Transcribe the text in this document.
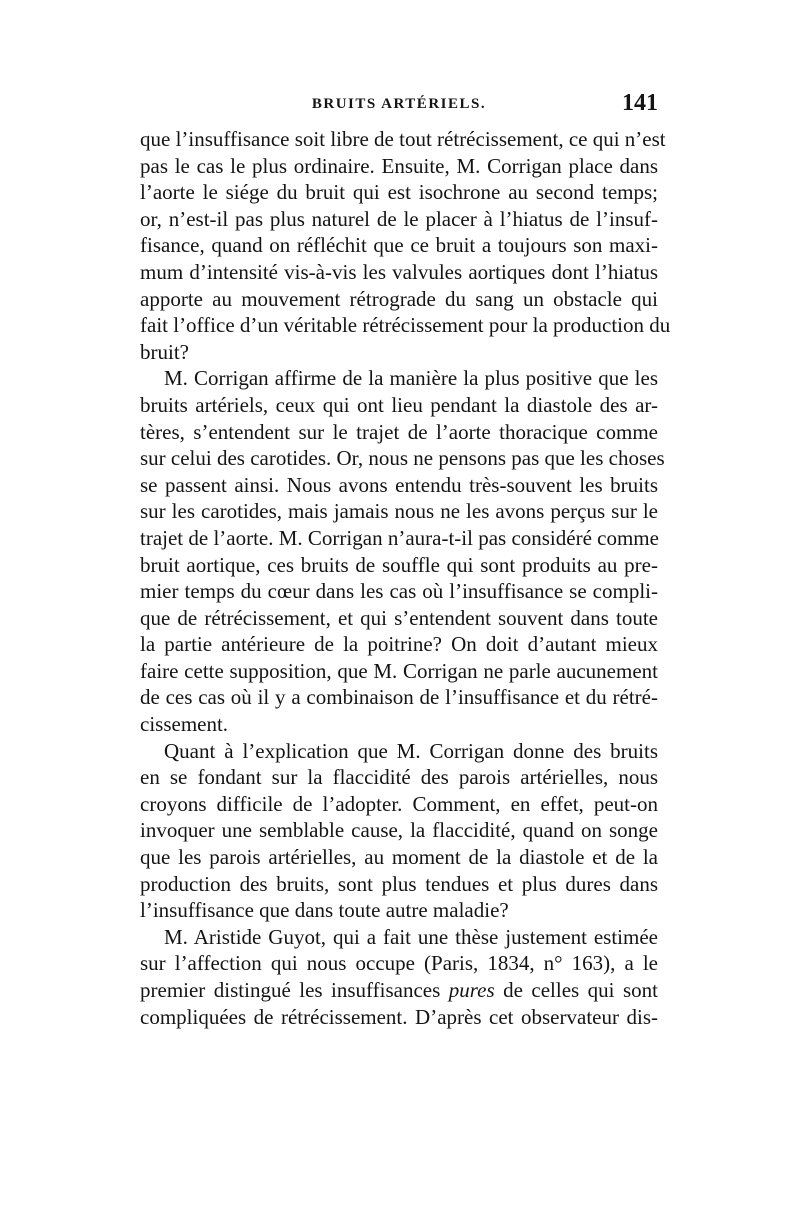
BRUITS ARTÉRIELS.	141
que l’insuffisance soit libre de tout rétrécissement, ce qui n’est
pas le cas le plus ordinaire. Ensuite, M. Corrigan place dans
l’aorte le siége du bruit qui est isochrone au second temps;
or, n’est-il pas plus naturel de le placer à l’hiatus de l’insuf-
fisance, quand on réfléchit que ce bruit a toujours son maxi-
mum d’intensité vis-à-vis les valvules aortiques dont l’hiatus
apporte au mouvement rétrograde du sang un obstacle qui
fait l’office d’un véritable rétrécissement pour la production du
bruit?
M. Corrigan affirme de la manière la plus positive que les
bruits artériels, ceux qui ont lieu pendant la diastole des ar-
tères, s’entendent sur le trajet de l’aorte thoracique comme
sur celui des carotides. Or, nous ne pensons pas que les choses
se passent ainsi. Nous avons entendu très-souvent les bruits
sur les carotides, mais jamais nous ne les avons perçus sur le
trajet de l’aorte. M. Corrigan n’aura-t-il pas considéré comme
bruit aortique, ces bruits de souffle qui sont produits au pre-
mier temps du cœur dans les cas où l’insuffisance se compli-
que de rétrécissement, et qui s’entendent souvent dans toute
la partie antérieure de la poitrine? On doit d’autant mieux
faire cette supposition, que M. Corrigan ne parle aucunement
de ces cas où il y a combinaison de l’insuffisance et du rétré-
cissement.
Quant à l’explication que M. Corrigan donne des bruits
en se fondant sur la flaccidité des parois artérielles, nous
croyons difficile de l’adopter. Comment, en effet, peut-on
invoquer une semblable cause, la flaccidité, quand on songe
que les parois artérielles, au moment de la diastole et de la
production des bruits, sont plus tendues et plus dures dans
l’insuffisance que dans toute autre maladie?
M. Aristide Guyot, qui a fait une thèse justement estimée
sur l’affection qui nous occupe (Paris, 1834, n° 163), a le
premier distingué les insuffisances pures de celles qui sont
compliquées de rétrécissement. D’après cet observateur dis-
